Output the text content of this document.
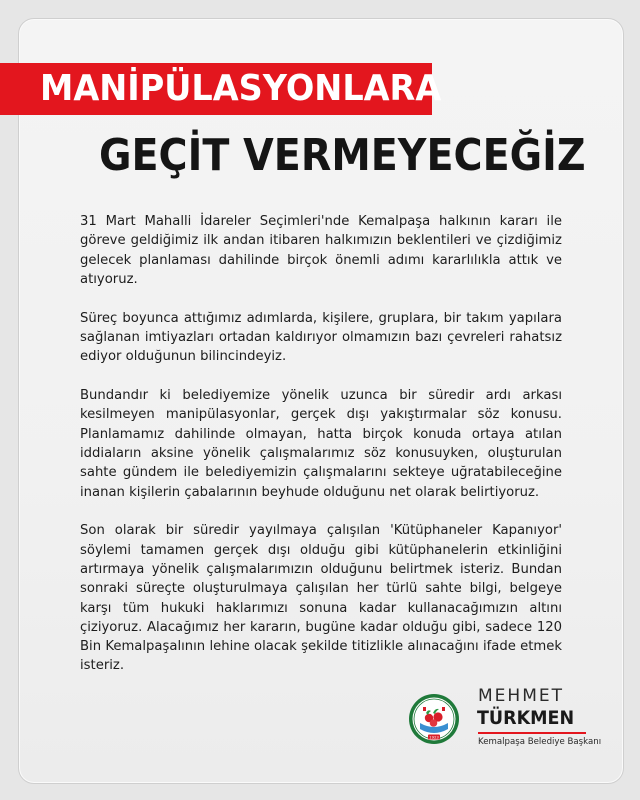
MANİPÜLASYONLARA
GEÇİT VERMEYECEĞİZ

31 Mart Mahalli İdareler Seçimleri'nde Kemalpaşa halkının kararı ile göreve geldiğimiz ilk andan itibaren halkımızın beklentileri ve çizdiğimiz gelecek planlaması dahilinde birçok önemli adımı kararlılıkla attık ve atıyoruz.

Süreç boyunca attığımız adımlarda, kişilere, gruplara, bir takım yapılara sağlanan imtiyazları ortadan kaldırıyor olmamızın bazı çevreleri rahatsız ediyor olduğunun bilincindeyiz.

Bundandır ki belediyemize yönelik uzunca bir süredir ardı arkası kesilmeyen manipülasyonlar, gerçek dışı yakıştırmalar söz konusu. Planlamamız dahilinde olmayan, hatta birçok konuda ortaya atılan iddiaların aksine yönelik çalışmalarımız söz konusuyken, oluşturulan sahte gündem ile belediyemizin çalışmalarını sekteye uğratabileceğine inanan kişilerin çabalarının beyhude olduğunu net olarak belirtiyoruz.

Son olarak bir süredir yayılmaya çalışılan 'Kütüphaneler Kapanıyor' söylemi tamamen gerçek dışı olduğu gibi kütüphanelerin etkinliğini artırmaya yönelik çalışmalarımızın olduğunu belirtmek isteriz. Bundan sonraki süreçte oluşturulmaya çalışılan her türlü sahte bilgi, belgeye karşı tüm hukuki haklarımızı sonuna kadar kullanacağımızın altını çiziyoruz. Alacağımız her kararın, bugüne kadar olduğu gibi, sadece 120 Bin Kemalpaşalının lehine olacak şekilde titizlikle alınacağını ifade etmek isteriz.

1923
MEHMET
TÜRKMEN
Kemalpaşa Belediye Başkanı
